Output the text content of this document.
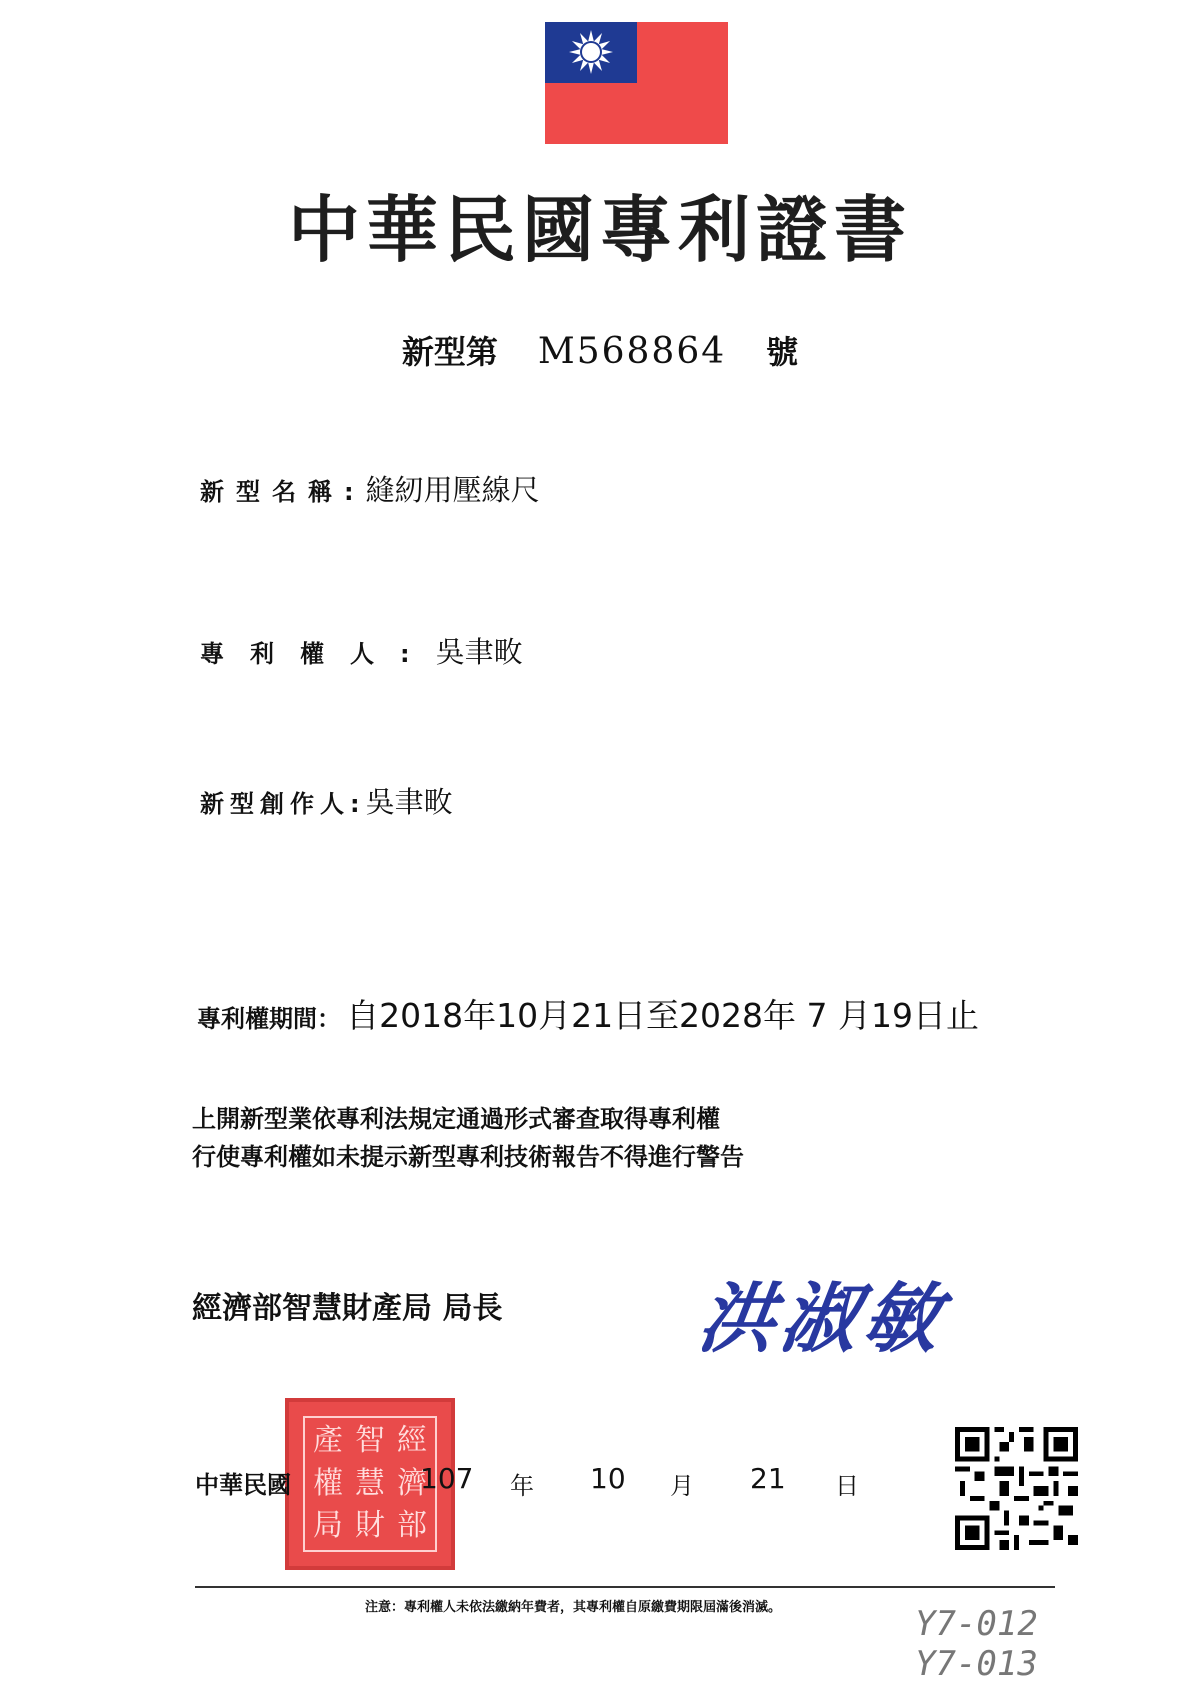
中華民國專利證書
新型第 M568864 號
新型名稱:縫紉用壓線尺
專利權人:吳聿畋
新型創作人:吳聿畋
專利權期間： 自2018年10月21日至2028年 7 月19日止
上開新型業依專利法規定通過形式審查取得專利權
行使專利權如未提示新型專利技術報告不得進行警告
經濟部智慧財產局 局長	洪淑敏
產 智 經
權 慧 濟
局 財 部
中華民國	107 年 10 月 21 日
注意：專利權人未依法繳納年費者，其專利權自原繳費期限屆滿後消滅。	Y7-012
Y7-013
